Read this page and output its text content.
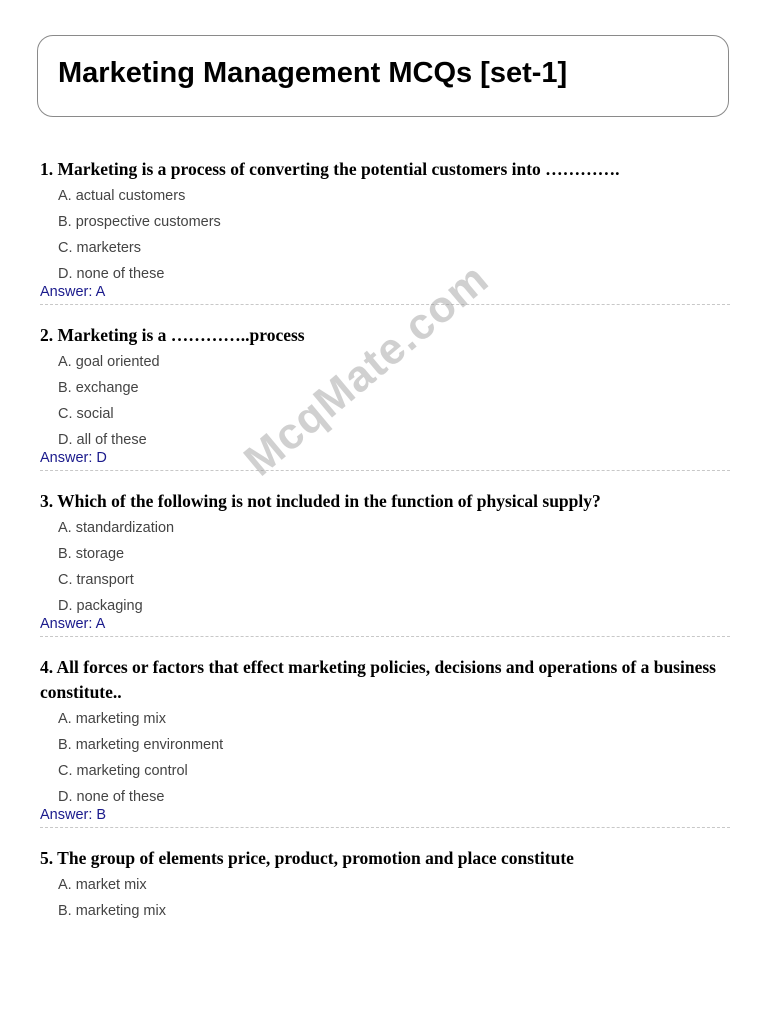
Marketing Management MCQs [set-1]
1. Marketing is a process of converting the potential customers into ………….
A. actual customers
B. prospective customers
C. marketers
D. none of these
Answer: A
2. Marketing is a …………..process
A. goal oriented
B. exchange
C. social
D. all of these
Answer: D
3. Which of the following is not included in the function of physical supply?
A. standardization
B. storage
C. transport
D. packaging
Answer: A
4. All forces or factors that effect marketing policies, decisions and operations of a business constitute..
A. marketing mix
B. marketing environment
C. marketing control
D. none of these
Answer: B
5. The group of elements price, product, promotion and place constitute
A. market mix
B. marketing mix
McqMate.com
